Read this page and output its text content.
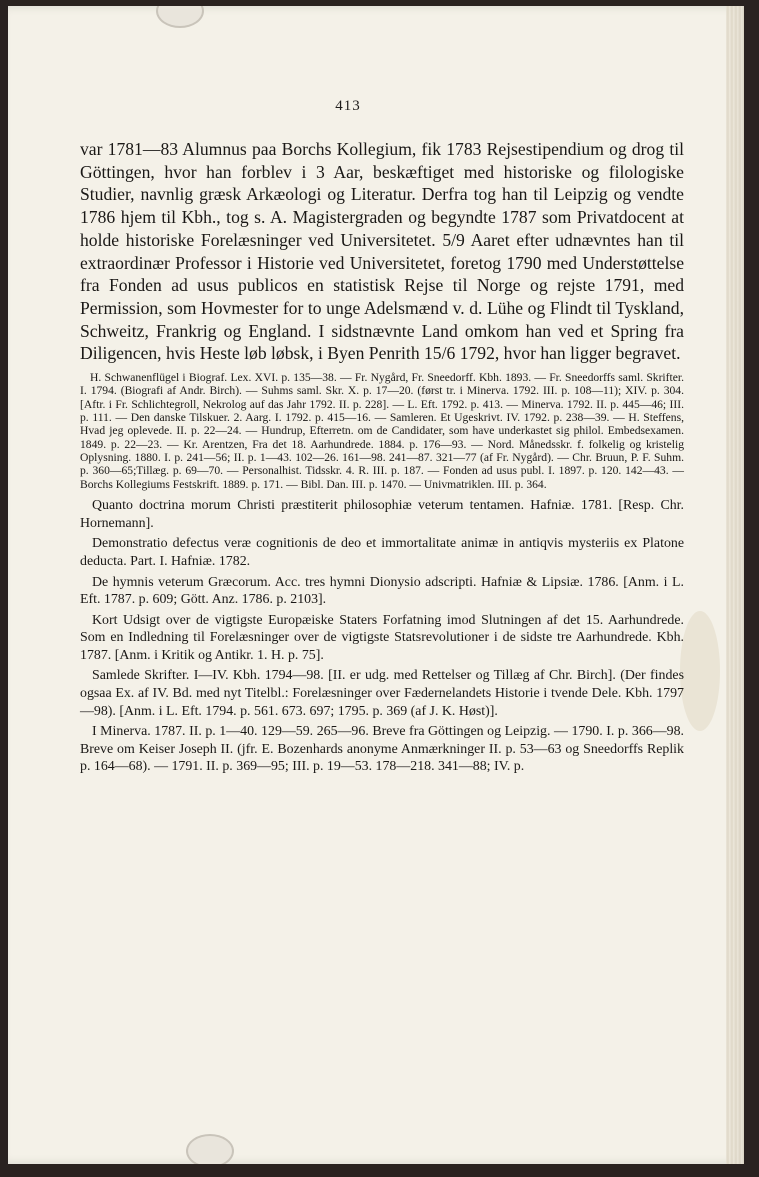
413

var 1781—83 Alumnus paa Borchs Kollegium, fik 1783 Rejsestipendium og drog til Göttingen, hvor han forblev i 3 Aar, beskæftiget med historiske og filologiske Studier, navnlig græsk Arkæologi og Literatur. Derfra tog han til Leipzig og vendte 1786 hjem til Kbh., tog s. A. Magistergraden og begyndte 1787 som Privatdocent at holde historiske Forelæsninger ved Universitetet. 5/9 Aaret efter udnævntes han til extraordinær Professor i Historie ved Universitetet, foretog 1790 med Understøttelse fra Fonden ad usus publicos en statistisk Rejse til Norge og rejste 1791, med Permission, som Hovmester for to unge Adelsmænd v. d. Lühe og Flindt til Tyskland, Schweitz, Frankrig og England. I sidstnævnte Land omkom han ved et Spring fra Diligencen, hvis Heste løb løbsk, i Byen Penrith 15/6 1792, hvor han ligger begravet.

H. Schwanenflügel i Biograf. Lex. XVI. p. 135—38. — Fr. Nygård, Fr. Sneedorff. Kbh. 1893. — Fr. Sneedorffs saml. Skrifter. I. 1794. (Biografi af Andr. Birch). — Suhms saml. Skr. X. p. 17—20. (først tr. i Minerva. 1792. III. p. 108—11); XIV. p. 304. [Aftr. i Fr. Schlichtegroll, Nekrolog auf das Jahr 1792. II. p. 228]. — L. Eft. 1792. p. 413. — Minerva. 1792. II. p. 445—46; III. p. 111. — Den danske Tilskuer. 2. Aarg. I. 1792. p. 415—16. — Samleren. Et Ugeskrivt. IV. 1792. p. 238—39. — H. Steffens, Hvad jeg oplevede. II. p. 22—24. — Hundrup, Efterretn. om de Candidater, som have underkastet sig philol. Embedsexamen. 1849. p. 22—23. — Kr. Arentzen, Fra det 18. Aarhundrede. 1884. p. 176—93. — Nord. Månedsskr. f. folkelig og kristelig Oplysning. 1880. I. p. 241—56; II. p. 1—43. 102—26. 161—98. 241—87. 321—77 (af Fr. Nygård). — Chr. Bruun, P. F. Suhm. p. 360—65;Tillæg. p. 69—70. — Personalhist. Tidsskr. 4. R. III. p. 187. — Fonden ad usus publ. I. 1897. p. 120. 142—43. — Borchs Kollegiums Festskrift. 1889. p. 171. — Bibl. Dan. III. p. 1470. — Univmatriklen. III. p. 364.

Quanto doctrina morum Christi præstiterit philosophiæ veterum tentamen. Hafniæ. 1781. [Resp. Chr. Hornemann].

Demonstratio defectus veræ cognitionis de deo et immortalitate animæ in antiqvis mysteriis ex Platone deducta. Part. I. Hafniæ. 1782.

De hymnis veterum Græcorum. Acc. tres hymni Dionysio adscripti. Hafniæ & Lipsiæ. 1786. [Anm. i L. Eft. 1787. p. 609; Gött. Anz. 1786. p. 2103].

Kort Udsigt over de vigtigste Europæiske Staters Forfatning imod Slutningen af det 15. Aarhundrede. Som en Indledning til Forelæsninger over de vigtigste Statsrevolutioner i de sidste tre Aarhundrede. Kbh. 1787. [Anm. i Kritik og Antikr. 1. H. p. 75].

Samlede Skrifter. I—IV. Kbh. 1794—98. [II. er udg. med Rettelser og Tillæg af Chr. Birch]. (Der findes ogsaa Ex. af IV. Bd. med nyt Titelbl.: Forelæsninger over Fædernelandets Historie i tvende Dele. Kbh. 1797—98). [Anm. i L. Eft. 1794. p. 561. 673. 697; 1795. p. 369 (af J. K. Høst)].

I Minerva. 1787. II. p. 1—40. 129—59. 265—96. Breve fra Göttingen og Leipzig. — 1790. I. p. 366—98. Breve om Keiser Joseph II. (jfr. E. Bozenhards anonyme Anmærkninger II. p. 53—63 og Sneedorffs Replik p. 164—68). — 1791. II. p. 369—95; III. p. 19—53. 178—218. 341—88; IV. p.
